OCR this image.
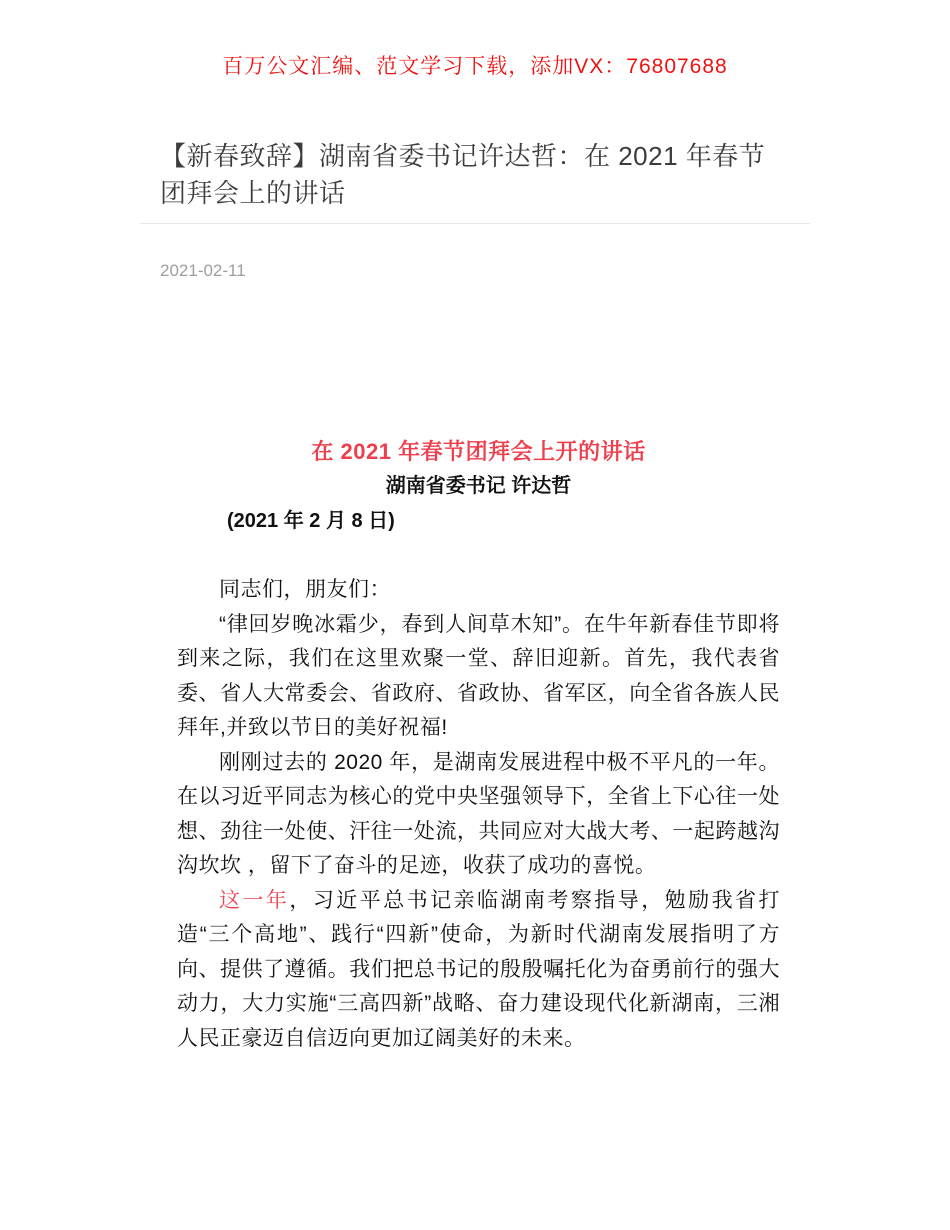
百万公文汇编、范文学习下载，添加VX：76807688
【新春致辞】湖南省委书记许达哲：在 2021 年春节团拜会上的讲话
2021-02-11
在 2021 年春节团拜会上开的讲话
湖南省委书记 许达哲
(2021 年 2 月 8 日)

同志们，朋友们：

“律回岁晚冰霜少，春到人间草木知”。在牛年新春佳节即将到来之际，我们在这里欢聚一堂、辞旧迎新。首先，我代表省委、省人大常委会、省政府、省政协、省军区，向全省各族人民拜年,并致以节日的美好祝福!

刚刚过去的 2020 年，是湖南发展进程中极不平凡的一年。在以习近平同志为核心的党中央坚强领导下，全省上下心往一处想、劲往一处使、汗往一处流，共同应对大战大考、一起跨越沟沟坎坎 ，留下了奋斗的足迹，收获了成功的喜悦。

这一年，习近平总书记亲临湖南考察指导，勉励我省打造“三个高地”、践行“四新”使命，为新时代湖南发展指明了方向、提供了遵循。我们把总书记的殷殷嘱托化为奋勇前行的强大动力，大力实施“三高四新”战略、奋力建设现代化新湖南，三湘人民正豪迈自信迈向更加辽阔美好的未来。
